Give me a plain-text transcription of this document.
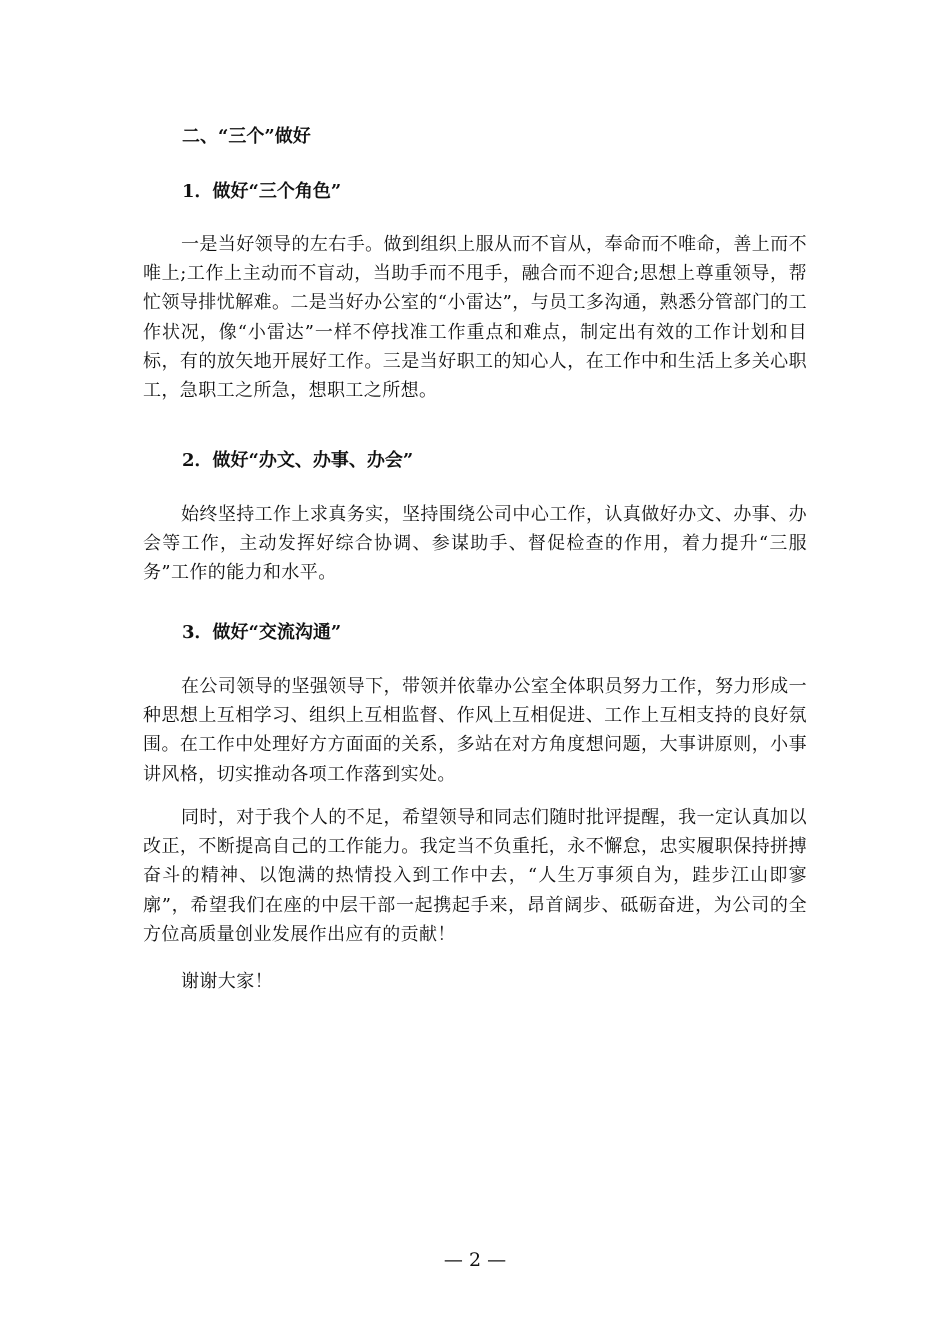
二、“三个”做好
1．做好“三个角色”
一是当好领导的左右手。做到组织上服从而不盲从，奉命而不唯命，善上而不唯上;工作上主动而不盲动，当助手而不甩手，融合而不迎合;思想上尊重领导，帮忙领导排忧解难。二是当好办公室的“小雷达”，与员工多沟通，熟悉分管部门的工作状况，像“小雷达”一样不停找准工作重点和难点，制定出有效的工作计划和目标，有的放矢地开展好工作。三是当好职工的知心人，在工作中和生活上多关心职工，急职工之所急，想职工之所想。
2．做好“办文、办事、办会”
始终坚持工作上求真务实，坚持围绕公司中心工作，认真做好办文、办事、办会等工作，主动发挥好综合协调、参谋助手、督促检查的作用，着力提升“三服务”工作的能力和水平。
3．做好“交流沟通”
在公司领导的坚强领导下，带领并依靠办公室全体职员努力工作，努力形成一种思想上互相学习、组织上互相监督、作风上互相促进、工作上互相支持的良好氛围。在工作中处理好方方面面的关系，多站在对方角度想问题，大事讲原则，小事讲风格，切实推动各项工作落到实处。
同时，对于我个人的不足，希望领导和同志们随时批评提醒，我一定认真加以改正，不断提高自己的工作能力。我定当不负重托，永不懈怠，忠实履职保持拼搏奋斗的精神、以饱满的热情投入到工作中去，“人生万事须自为，跬步江山即寥廓”，希望我们在座的中层干部一起携起手来，昂首阔步、砥砺奋进，为公司的全方位高质量创业发展作出应有的贡献！
谢谢大家！
— 2 —
